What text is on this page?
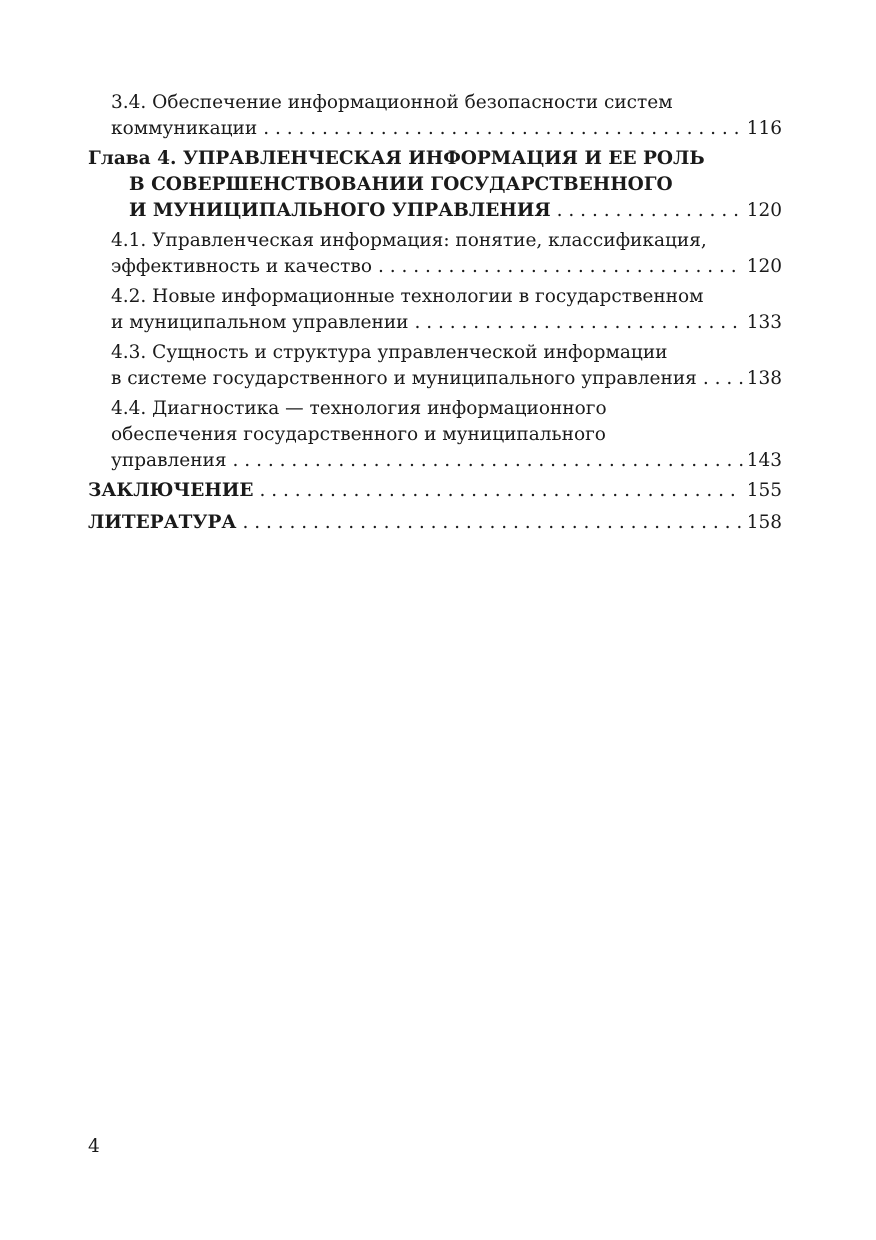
3.4. Обеспечение информационной безопасности систем
коммуникации . . .	116
Глава 4. УПРАВЛЕНЧЕСКАЯ ИНФОРМАЦИЯ И ЕЕ РОЛЬ
В СОВЕРШЕНСТВОВАНИИ ГОСУДАРСТВЕННОГО
И МУНИЦИПАЛЬНОГО УПРАВЛЕНИЯ . . .	120
4.1. Управленческая информация: понятие, классификация,
эффективность и качество . . .	120
4.2. Новые информационные технологии в государственном
и муниципальном управлении . . .	133
4.3. Сущность и структура управленческой информации
в системе государственного и муниципального управления . . .	138
4.4. Диагностика — технология информационного
обеспечения государственного и муниципального
управления . . .	143
ЗАКЛЮЧЕНИЕ . . .	155
ЛИТЕРАТУРА . . .	158
4
